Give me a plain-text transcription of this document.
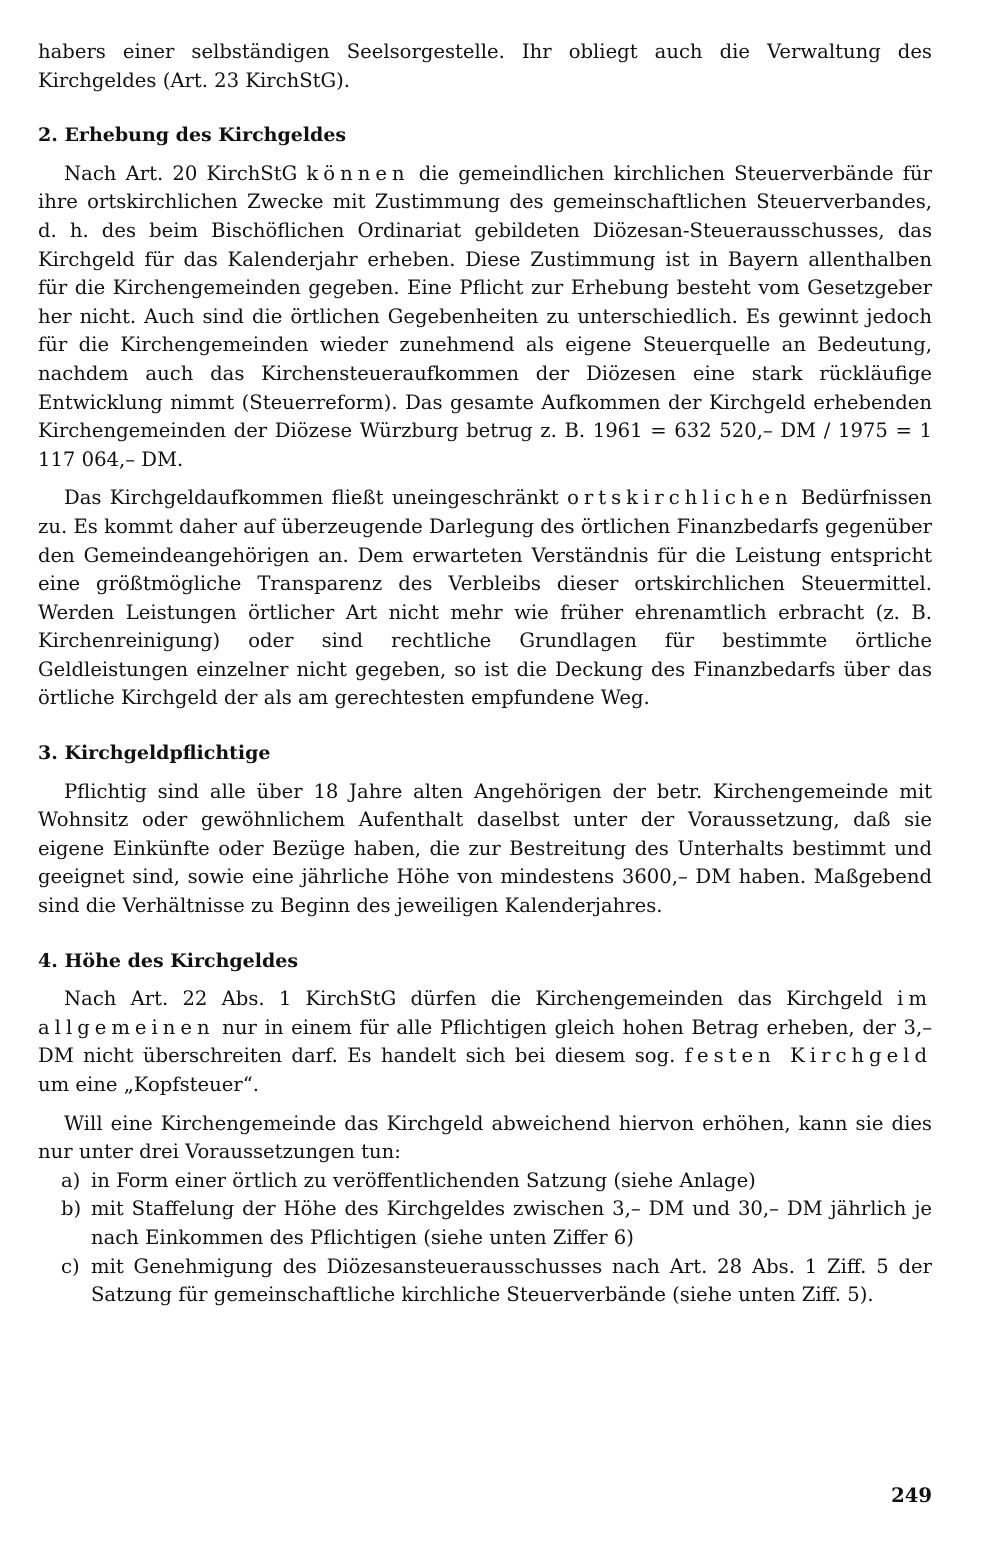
habers einer selbständigen Seelsorgestelle. Ihr obliegt auch die Verwaltung des Kirchgeldes (Art. 23 KirchStG).

2. Erhebung des Kirchgeldes

Nach Art. 20 KirchStG können die gemeindlichen kirchlichen Steuerverbände für ihre ortskirchlichen Zwecke mit Zustimmung des gemeinschaftlichen Steuerverbandes, d. h. des beim Bischöflichen Ordinariat gebildeten Diözesan-Steuerausschusses, das Kirchgeld für das Kalenderjahr erheben. Diese Zustimmung ist in Bayern allenthalben für die Kirchengemeinden gegeben. Eine Pflicht zur Erhebung besteht vom Gesetzgeber her nicht. Auch sind die örtlichen Gegebenheiten zu unterschiedlich. Es gewinnt jedoch für die Kirchengemeinden wieder zunehmend als eigene Steuerquelle an Bedeutung, nachdem auch das Kirchensteueraufkommen der Diözesen eine stark rückläufige Entwicklung nimmt (Steuerreform). Das gesamte Aufkommen der Kirchgeld erhebenden Kirchengemeinden der Diözese Würzburg betrug z. B. 1961 = 632 520,– DM / 1975 = 1 117 064,– DM.

Das Kirchgeldaufkommen fließt uneingeschränkt ortskirchlichen Bedürfnissen zu. Es kommt daher auf überzeugende Darlegung des örtlichen Finanzbedarfs gegenüber den Gemeindeangehörigen an. Dem erwarteten Verständnis für die Leistung entspricht eine größtmögliche Transparenz des Verbleibs dieser ortskirchlichen Steuermittel. Werden Leistungen örtlicher Art nicht mehr wie früher ehrenamtlich erbracht (z. B. Kirchenreinigung) oder sind rechtliche Grundlagen für bestimmte örtliche Geldleistungen einzelner nicht gegeben, so ist die Deckung des Finanzbedarfs über das örtliche Kirchgeld der als am gerechtesten empfundene Weg.

3. Kirchgeldpflichtige

Pflichtig sind alle über 18 Jahre alten Angehörigen der betr. Kirchengemeinde mit Wohnsitz oder gewöhnlichem Aufenthalt daselbst unter der Voraussetzung, daß sie eigene Einkünfte oder Bezüge haben, die zur Bestreitung des Unterhalts bestimmt und geeignet sind, sowie eine jährliche Höhe von mindestens 3600,– DM haben. Maßgebend sind die Verhältnisse zu Beginn des jeweiligen Kalenderjahres.

4. Höhe des Kirchgeldes

Nach Art. 22 Abs. 1 KirchStG dürfen die Kirchengemeinden das Kirchgeld im allgemeinen nur in einem für alle Pflichtigen gleich hohen Betrag erheben, der 3,– DM nicht überschreiten darf. Es handelt sich bei diesem sog. festen Kirchgeld um eine „Kopfsteuer“.

Will eine Kirchengemeinde das Kirchgeld abweichend hiervon erhöhen, kann sie dies nur unter drei Voraussetzungen tun:

a) in Form einer örtlich zu veröffentlichenden Satzung (siehe Anlage)
b) mit Staffelung der Höhe des Kirchgeldes zwischen 3,– DM und 30,– DM jährlich je nach Einkommen des Pflichtigen (siehe unten Ziffer 6)
c) mit Genehmigung des Diözesansteuerausschusses nach Art. 28 Abs. 1 Ziff. 5 der Satzung für gemeinschaftliche kirchliche Steuerverbände (siehe unten Ziff. 5).
249
